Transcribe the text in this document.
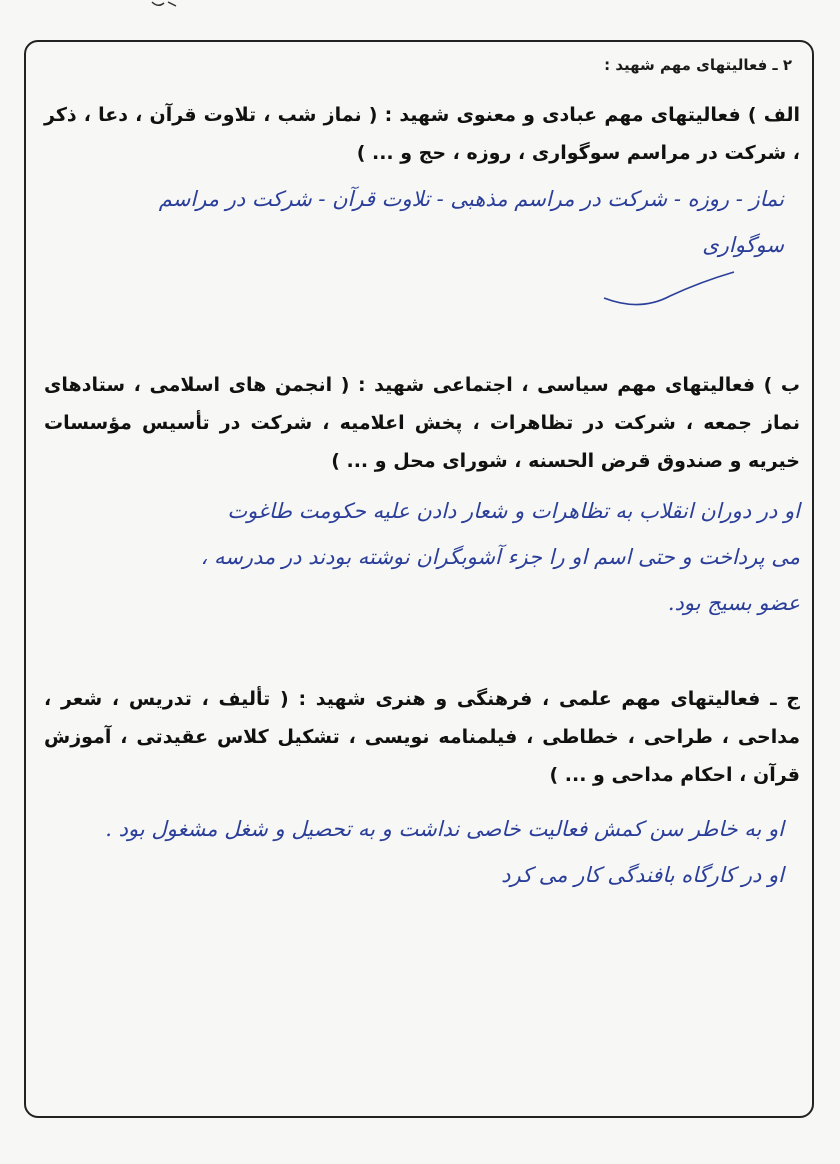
۲ ـ فعالیتهای مهم شهید :
الف ) فعالیتهای مهم عبادی و معنوی شهید : ( نماز شب ، تلاوت قرآن ، دعا ، ذکر ، شرکت در مراسم سوگواری ، روزه ، حج و ... )
نماز - روزه - شرکت در مراسم مذهبی - تلاوت قرآن - شرکت در مراسم
سوگواری
ب ) فعالیتهای مهم سیاسی ، اجتماعی شهید : ( انجمن های اسلامی ، ستادهای نماز جمعه ، شرکت در تظاهرات ، پخش اعلامیه ، شرکت در تأسیس مؤسسات خیریه و صندوق قرض الحسنه ، شورای محل و ... )
او در دوران انقلاب به تظاهرات و شعار دادن علیه حکومت طاغوت
می پرداخت و حتی اسم او را جزء آشوبگران نوشته بودند در مدرسه ،
عضو بسیج بود.
ج ـ فعالیتهای مهم علمی ، فرهنگی و هنری شهید : ( تألیف ، تدریس ، شعر ، مداحی ، طراحی ، خطاطی ، فیلمنامه نویسی ، تشکیل کلاس عقیدتی ، آموزش قرآن ، احکام مداحی و ... )
او به خاطر سن کمش فعالیت خاصی نداشت و به تحصیل و شغل مشغول بود .
او در کارگاه بافندگی کار می کرد
